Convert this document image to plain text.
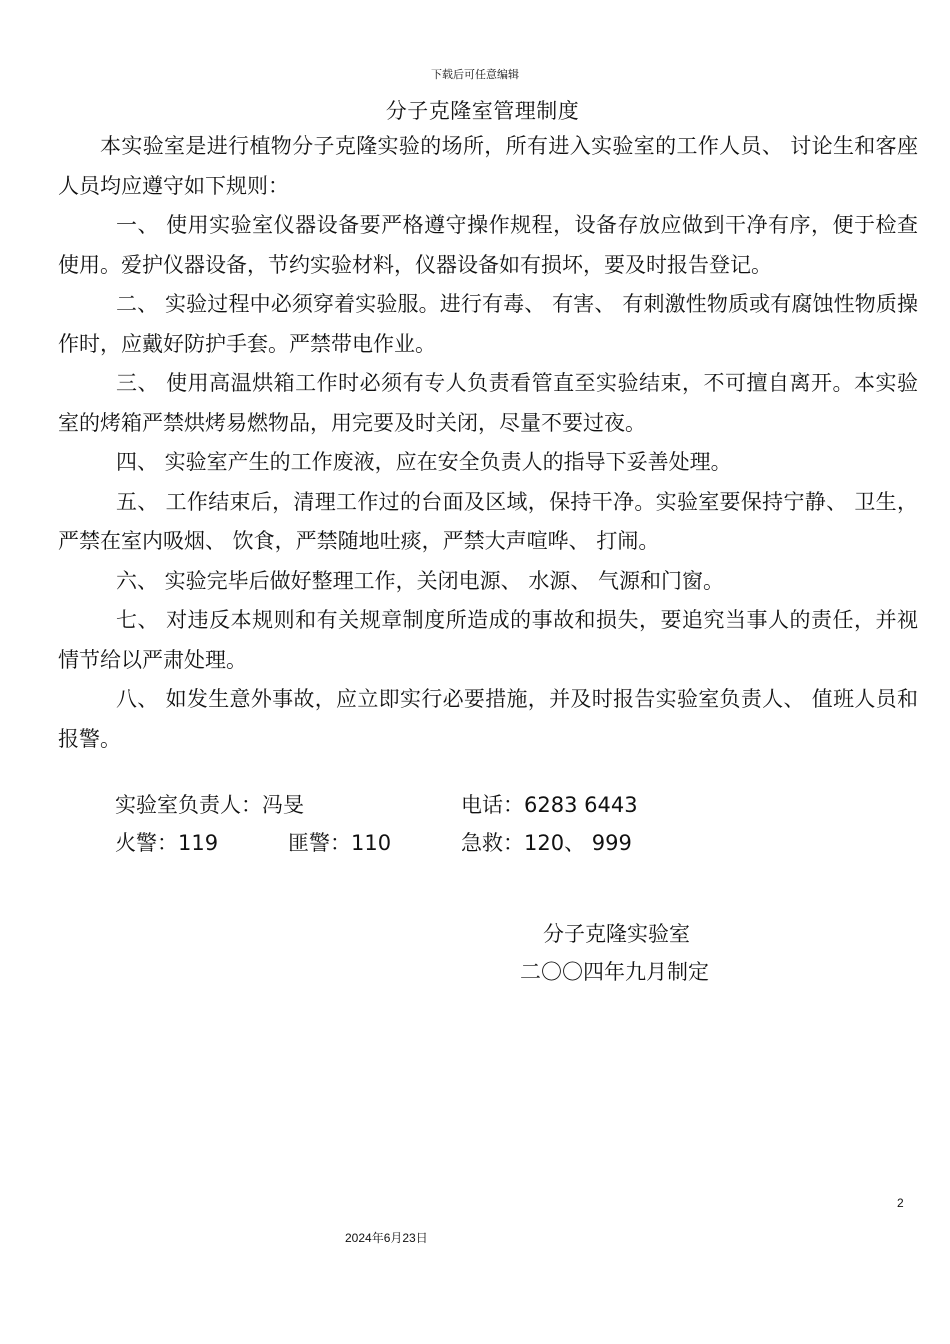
下载后可任意编辑
分子克隆室管理制度

本实验室是进行植物分子克隆实验的场所，所有进入实验室的工作人员、 讨论生和客座人员均应遵守如下规则：

一、 使用实验室仪器设备要严格遵守操作规程，设备存放应做到干净有序，便于检查使用。爱护仪器设备，节约实验材料，仪器设备如有损坏，要及时报告登记。

二、 实验过程中必须穿着实验服。进行有毒、 有害、 有刺激性物质或有腐蚀性物质操作时，应戴好防护手套。严禁带电作业。

三、 使用高温烘箱工作时必须有专人负责看管直至实验结束，不可擅自离开。本实验室的烤箱严禁烘烤易燃物品，用完要及时关闭，尽量不要过夜。

四、 实验室产生的工作废液，应在安全负责人的指导下妥善处理。

五、 工作结束后，清理工作过的台面及区域，保持干净。实验室要保持宁静、 卫生，严禁在室内吸烟、 饮食，严禁随地吐痰，严禁大声喧哗、 打闹。

六、 实验完毕后做好整理工作，关闭电源、 水源、 气源和门窗。

七、 对违反本规则和有关规章制度所造成的事故和损失，要追究当事人的责任，并视情节给以严肃处理。

八、 如发生意外事故，应立即实行必要措施，并及时报告实验室负责人、 值班人员和报警。

实验室负责人：冯旻	电话：6283 6443
火警：119	匪警：110	急救：120、 999
分子克隆实验室
二〇〇四年九月制定
2
2024年6月23日
